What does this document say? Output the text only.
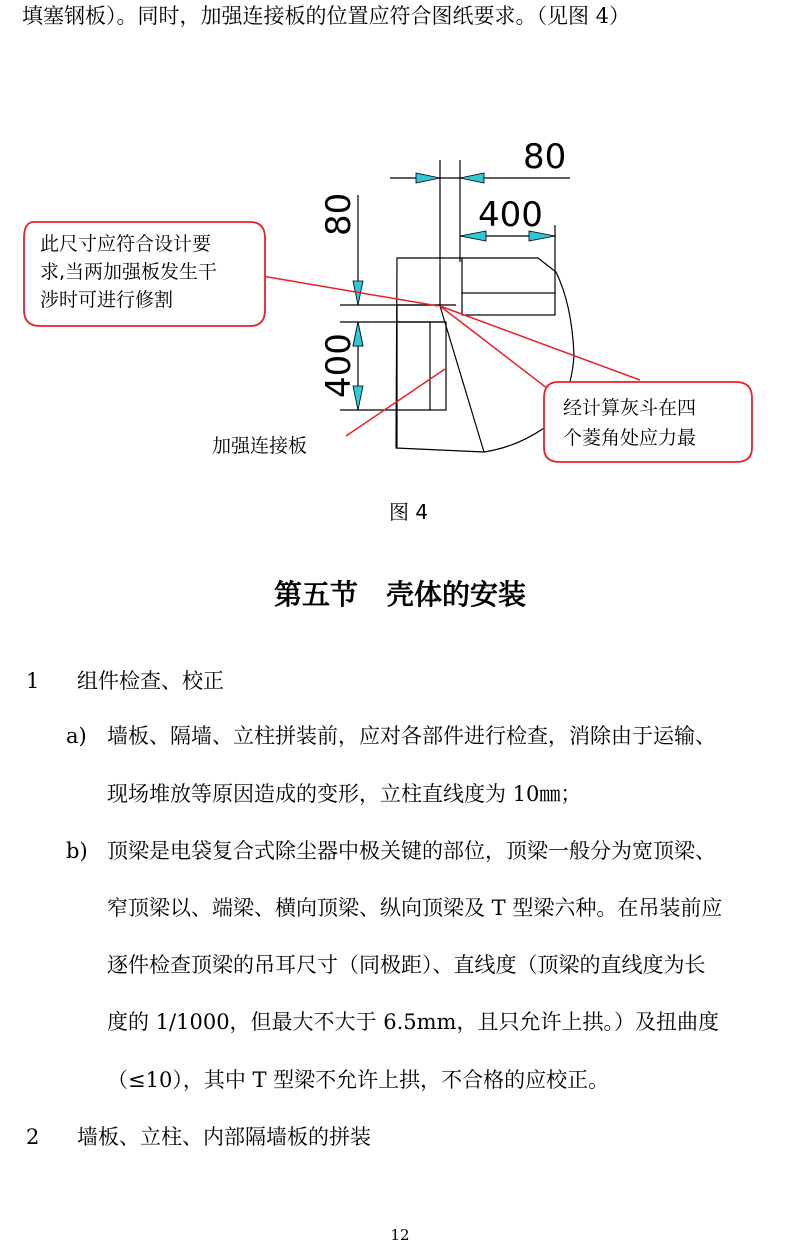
填塞钢板）。同时，加强连接板的位置应符合图纸要求。（见图 4）
80
400
80
400
此尺寸应符合设计要
求,当两加强板发生干
涉时可进行修割
经计算灰斗在四
个菱角处应力最
加强连接板
图 4
第五节　壳体的安装
1 组件检查、校正
a) 墙板、隔墙、立柱拼装前，应对各部件进行检查，消除由于运输、
现场堆放等原因造成的变形，立柱直线度为 10㎜；
b) 顶梁是电袋复合式除尘器中极关键的部位，顶梁一般分为宽顶梁、
窄顶梁以、端梁、横向顶梁、纵向顶梁及 T 型梁六种。在吊装前应
逐件检查顶梁的吊耳尺寸（同极距）、直线度（顶梁的直线度为长
度的 1/1000，但最大不大于 6.5mm，且只允许上拱。）及扭曲度
（≤10），其中 T 型梁不允许上拱，不合格的应校正。
2 墙板、立柱、内部隔墙板的拼装
12
